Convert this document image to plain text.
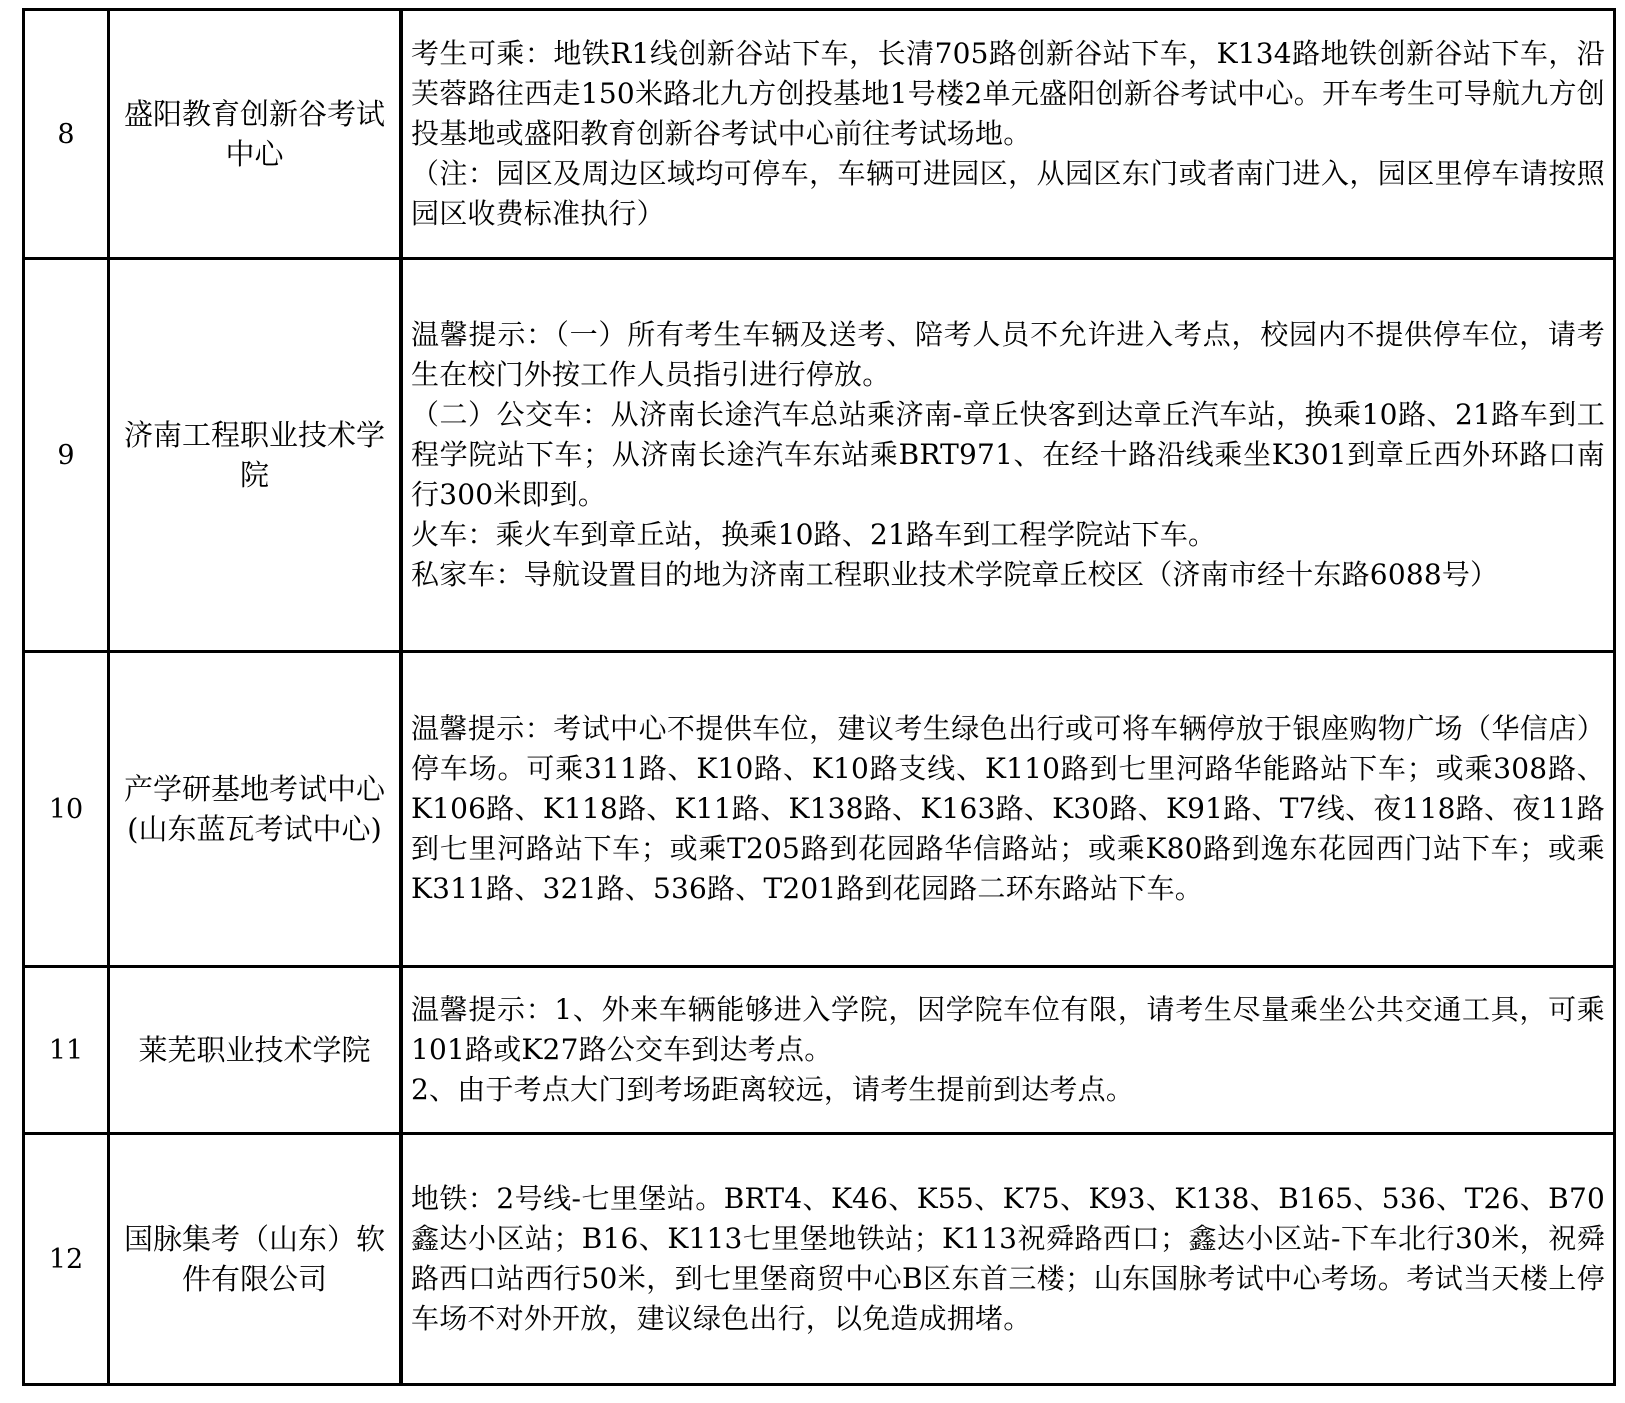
8	盛阳教育创新谷考试中心	考生可乘：地铁R1线创新谷站下车，长清705路创新谷站下车，K134路地铁创新谷站下车，沿芙蓉路往西走150米路北九方创投基地1号楼2单元盛阳创新谷考试中心。开车考生可导航九方创投基地或盛阳教育创新谷考试中心前往考试场地。
（注：园区及周边区域均可停车，车辆可进园区，从园区东门或者南门进入，园区里停车请按照园区收费标准执行）

9	济南工程职业技术学院	温馨提示：（一）所有考生车辆及送考、陪考人员不允许进入考点，校园内不提供停车位，请考生在校门外按工作人员指引进行停放。
（二）公交车：从济南长途汽车总站乘济南-章丘快客到达章丘汽车站，换乘10路、21路车到工程学院站下车；从济南长途汽车东站乘BRT971、在经十路沿线乘坐K301到章丘西外环路口南行300米即到。
火车：乘火车到章丘站，换乘10路、21路车到工程学院站下车。
私家车：导航设置目的地为济南工程职业技术学院章丘校区（济南市经十东路6088号）

10	产学研基地考试中心(山东蓝瓦考试中心)	温馨提示：考试中心不提供车位，建议考生绿色出行或可将车辆停放于银座购物广场（华信店）停车场。可乘311路、K10路、K10路支线、K110路到七里河路华能路站下车；或乘308路、K106路、K118路、K11路、K138路、K163路、K30路、K91路、T7线、夜118路、夜11路到七里河路站下车；或乘T205路到花园路华信路站；或乘K80路到逸东花园西门站下车；或乘K311路、321路、536路、T201路到花园路二环东路站下车。

11	莱芜职业技术学院	温馨提示：1、外来车辆能够进入学院，因学院车位有限，请考生尽量乘坐公共交通工具，可乘101路或K27路公交车到达考点。
2、由于考点大门到考场距离较远，请考生提前到达考点。

12	国脉集考（山东）软件有限公司	地铁：2号线-七里堡站。BRT4、K46、K55、K75、K93、K138、B165、536、T26、B70鑫达小区站；B16、K113七里堡地铁站；K113祝舜路西口；鑫达小区站-下车北行30米，祝舜路西口站西行50米，到七里堡商贸中心B区东首三楼；山东国脉考试中心考场。考试当天楼上停车场不对外开放，建议绿色出行，以免造成拥堵。
